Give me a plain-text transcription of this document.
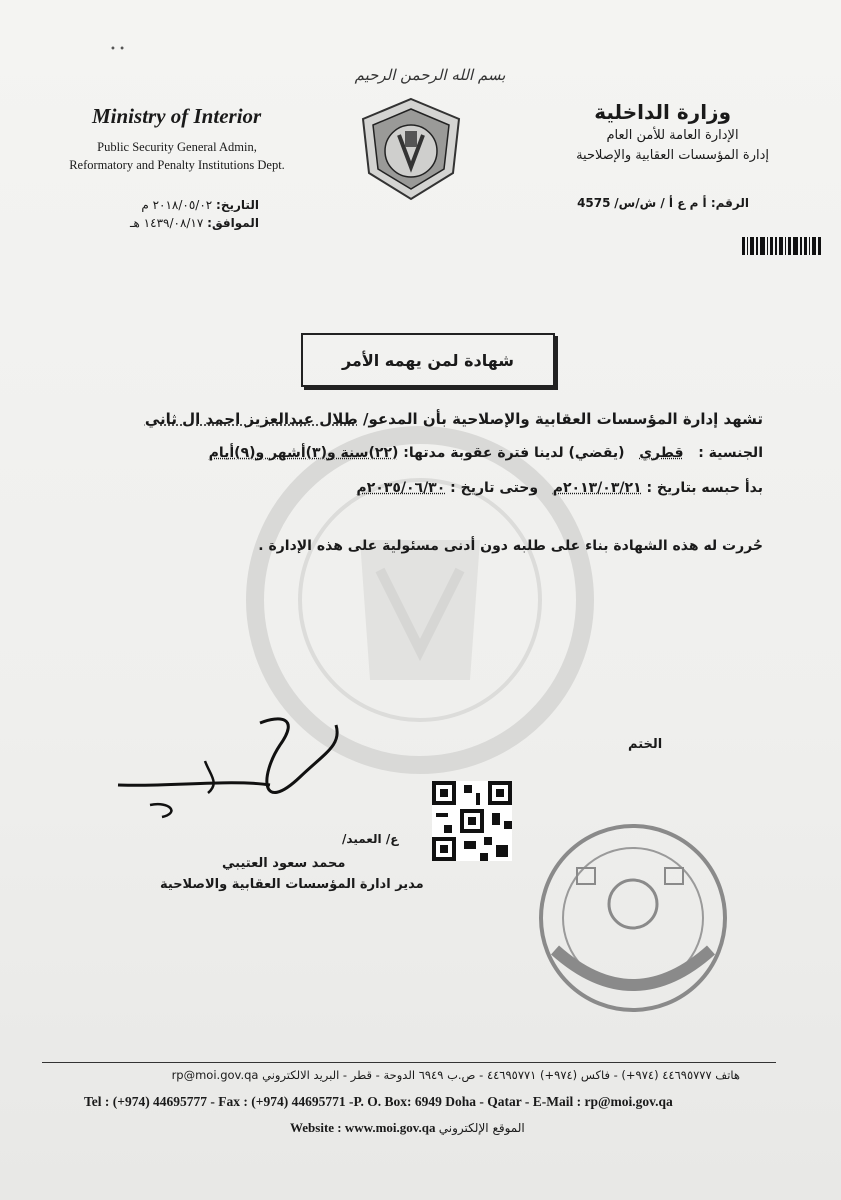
• •
بسم الله الرحمن الرحيم
Ministry of Interior
Public Security General Admin,
Reformatory and Penalty Institutions Dept.
وزارة الداخلية
الإدارة العامة للأمن العام
إدارة المؤسسات العقابية والإصلاحية
التاريخ: ٢٠١٨/٠٥/٠٢ م
الموافق: ١٤٣٩/٠٨/١٧ هـ
الرقم: أ م ع أ / ش/س/ 4575
شهادة لمن يهمه الأمر
تشهد إدارة المؤسسات العقابية والإصلاحية بأن المدعو/ طلال عبدالعزيز احمد ال ثاني
الجنسية :   قطري   (يقضي) لدينا فترة عقوبة مدتها: (٢٢)سنة و(٣)أشهر و(٩)أيام
بدأ حبسه بتاريخ : ٢٠١٣/٠٣/٢١م   وحتى تاريخ : ٢٠٣٥/٠٦/٣٠م
حُررت له هذه الشهادة بناء على طلبه دون أدنى مسئولية على هذه الإدارة .
الختم
ع/ العميد/
محمد سعود العتيبي
مدير ادارة المؤسسات العقابية والاصلاحية
هاتف ٤٤٦٩٥٧٧٧ (٩٧٤+) - فاكس (٩٧٤+) ٤٤٦٩٥٧٧١ - ص.ب ٦٩٤٩ الدوحة - قطر - البريد الالكتروني rp@moi.gov.qa
Tel : (+974) 44695777 - Fax : (+974) 44695771 -P. O. Box: 6949 Doha - Qatar - E-Mail : rp@moi.gov.qa
Website : www.moi.gov.qa الموقع الإلكتروني
